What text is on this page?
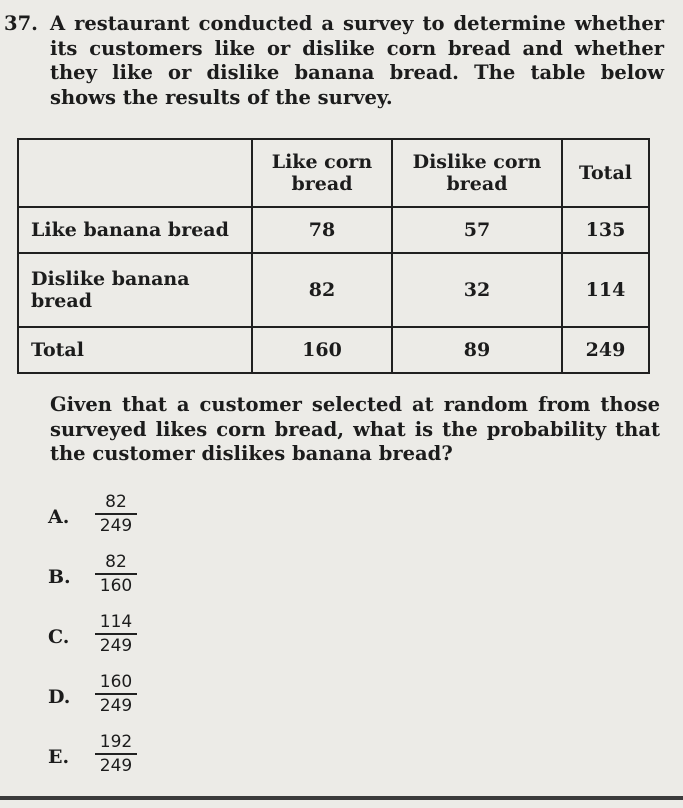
37. A restaurant conducted a survey to determine whether its customers like or dislike corn bread and whether they like or dislike banana bread. The table below shows the results of the survey.
	Like corn bread	Dislike corn bread	Total
Like banana bread	78	57	135
Dislike banana bread	82	32	114
Total	160	89	249
Given that a customer selected at random from those surveyed likes corn bread, what is the probability that the customer dislikes banana bread?
A.
82
249
B.
82
160
C.
114
249
D.
160
249
E.
192
249
